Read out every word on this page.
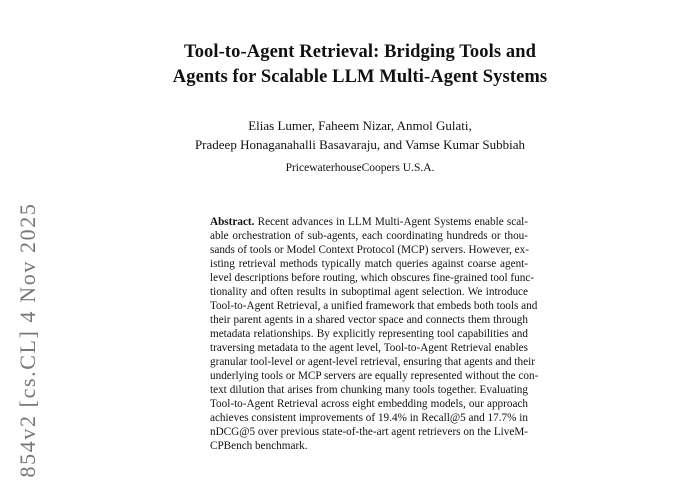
854v2 [cs.CL] 4 Nov 2025
Tool-to-Agent Retrieval: Bridging Tools and
Agents for Scalable LLM Multi-Agent Systems
Elias Lumer, Faheem Nizar, Anmol Gulati,
Pradeep Honaganahalli Basavaraju, and Vamse Kumar Subbiah
PricewaterhouseCoopers U.S.A.
Abstract. Recent advances in LLM Multi-Agent Systems enable scal-
able orchestration of sub-agents, each coordinating hundreds or thou-
sands of tools or Model Context Protocol (MCP) servers. However, ex-
isting retrieval methods typically match queries against coarse agent-
level descriptions before routing, which obscures fine-grained tool func-
tionality and often results in suboptimal agent selection. We introduce
Tool-to-Agent Retrieval, a unified framework that embeds both tools and
their parent agents in a shared vector space and connects them through
metadata relationships. By explicitly representing tool capabilities and
traversing metadata to the agent level, Tool-to-Agent Retrieval enables
granular tool-level or agent-level retrieval, ensuring that agents and their
underlying tools or MCP servers are equally represented without the con-
text dilution that arises from chunking many tools together. Evaluating
Tool-to-Agent Retrieval across eight embedding models, our approach
achieves consistent improvements of 19.4% in Recall@5 and 17.7% in
nDCG@5 over previous state-of-the-art agent retrievers on the LiveM-
CPBench benchmark.
